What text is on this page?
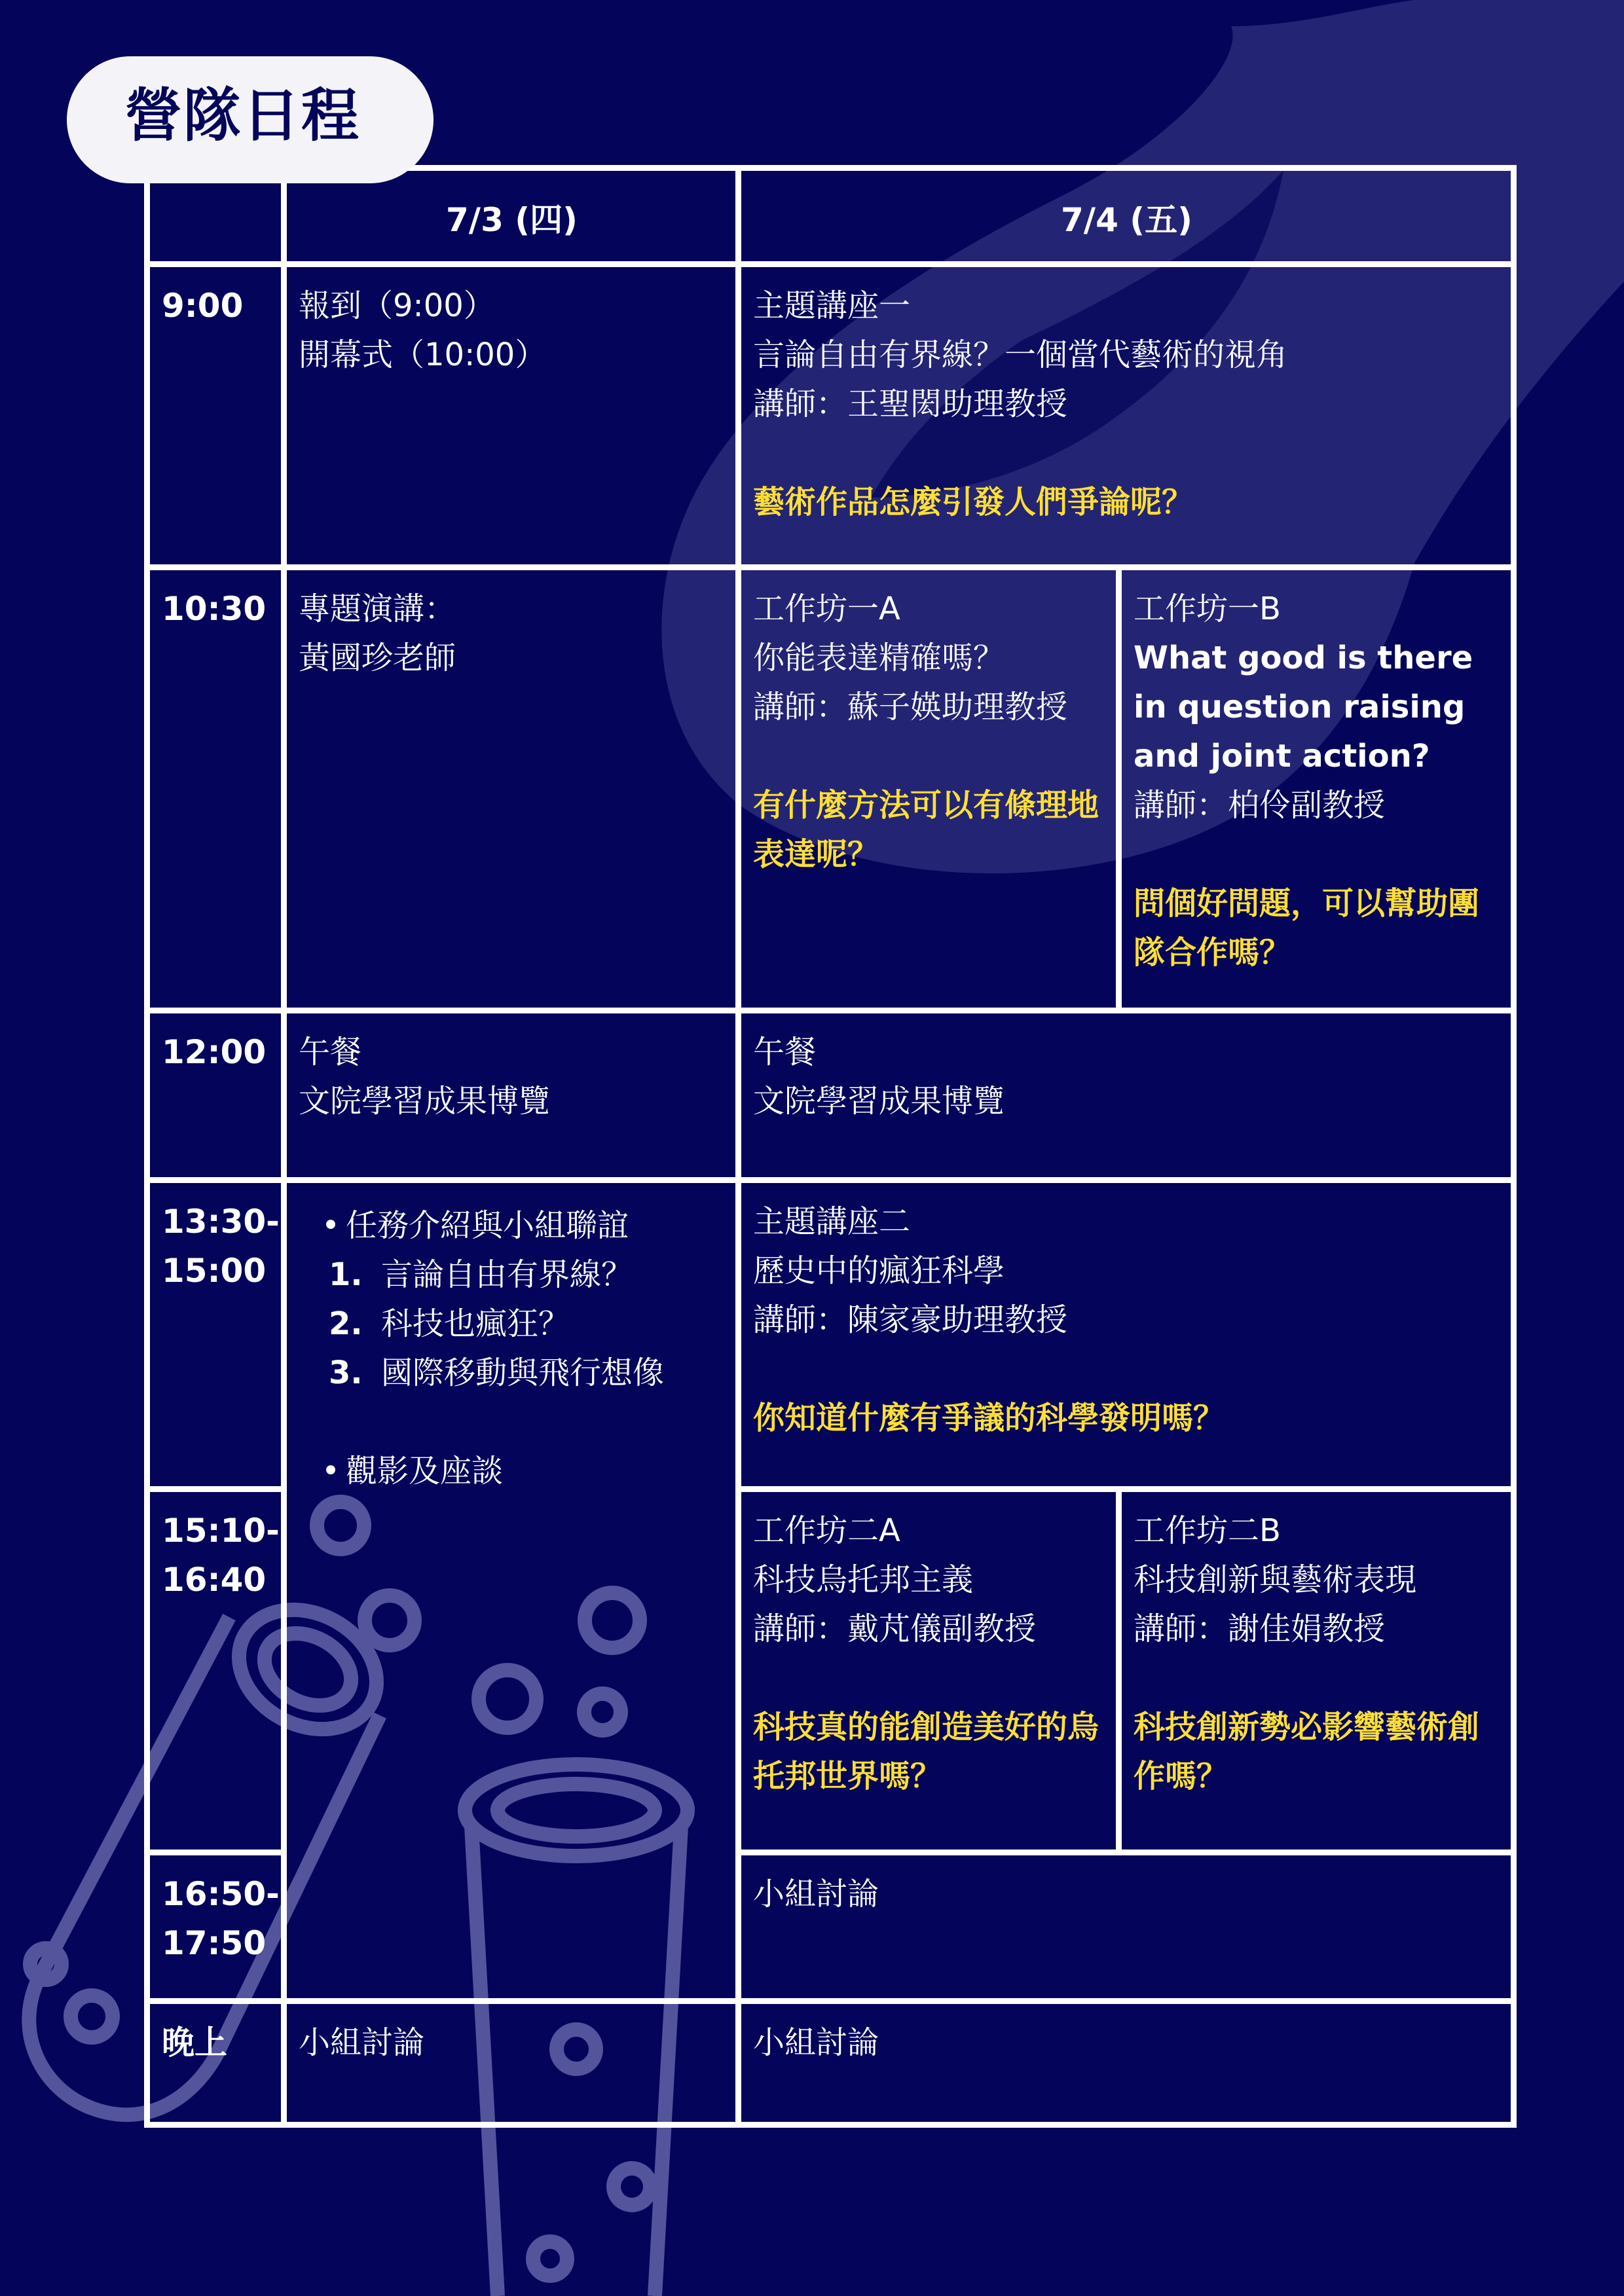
營隊日程
7/3 (四)	7/4 (五)
9:00
10:30
12:00
13:30-
15:00
15:10-
16:40
16:50-
17:50
晚上
報到（9:00）
開幕式（10:00）
專題演講：
黃國珍老師
午餐
文院學習成果博覽
• 任務介紹與小組聯誼
1. 言論自由有界線？
2. 科技也瘋狂？
3. 國際移動與飛行想像
• 觀影及座談
小組討論
主題講座一
言論自由有界線？一個當代藝術的視角
講師：王聖閎助理教授
藝術作品怎麼引發人們爭論呢？
工作坊一A
你能表達精確嗎？
講師：蘇子媖助理教授
有什麼方法可以有條理地表達呢？
工作坊一B
What good is there in question raising and joint action?
講師：柏伶副教授
問個好問題，可以幫助團隊合作嗎？
午餐
文院學習成果博覽
主題講座二
歷史中的瘋狂科學
講師：陳家豪助理教授
你知道什麼有爭議的科學發明嗎？
工作坊二A
科技烏托邦主義
講師：戴芃儀副教授
科技真的能創造美好的烏托邦世界嗎？
工作坊二B
科技創新與藝術表現
講師：謝佳娟教授
科技創新勢必影響藝術創作嗎？
小組討論
小組討論
